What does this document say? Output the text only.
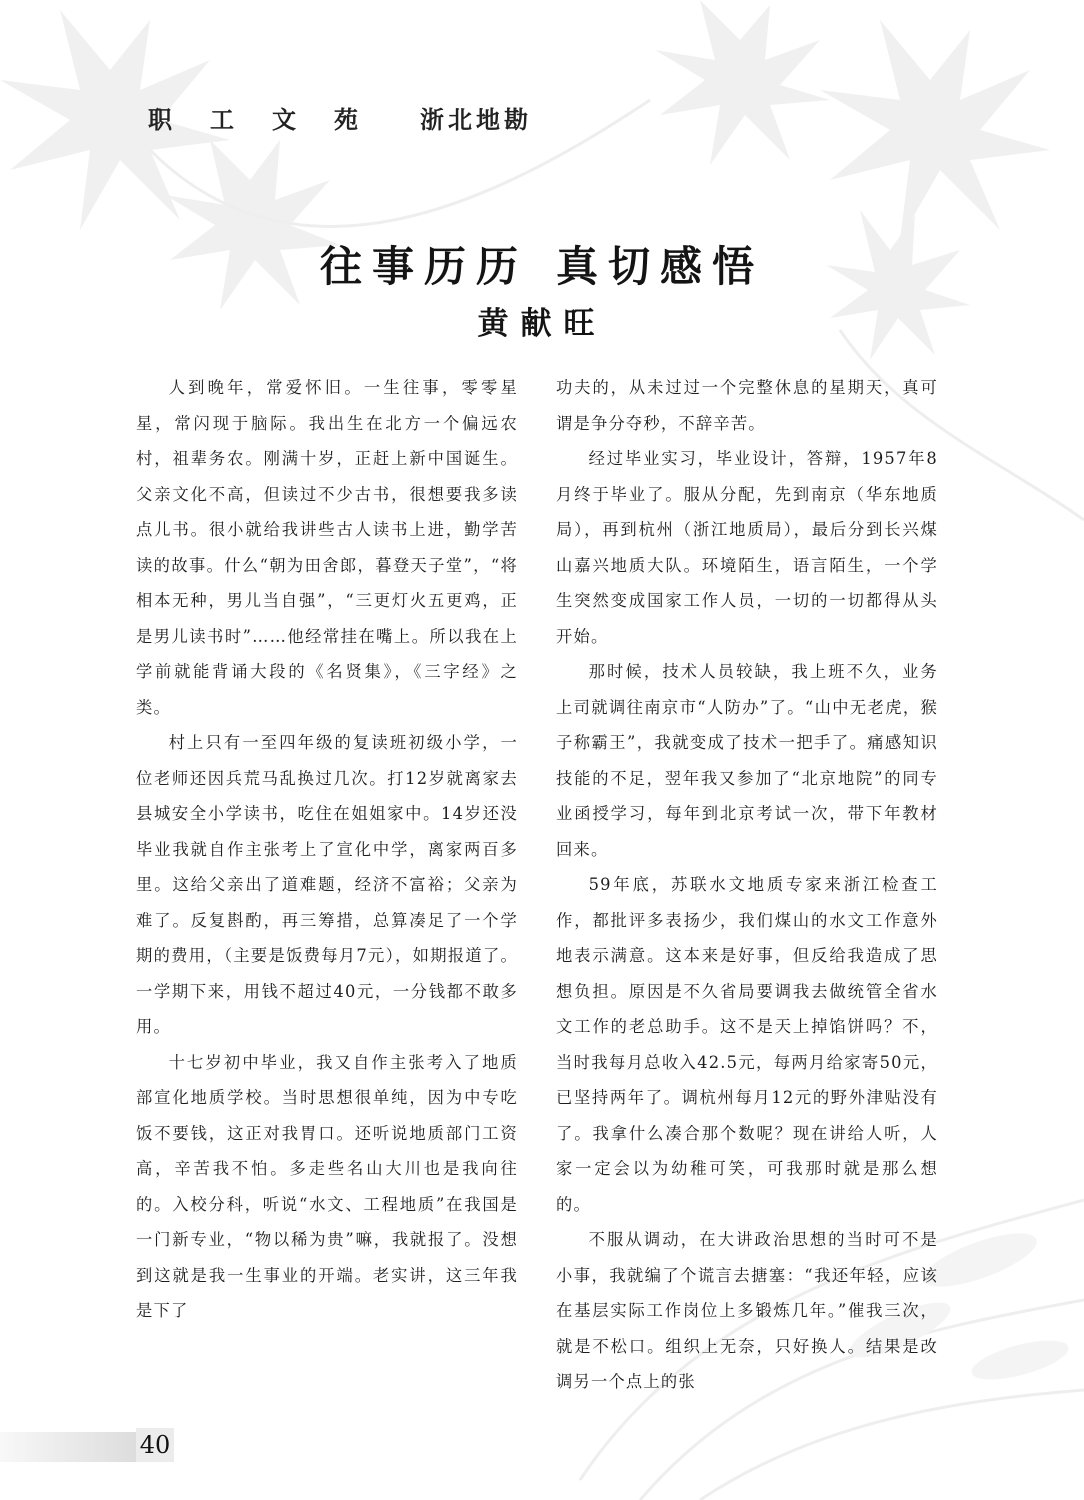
职 工 文 苑	浙北地勘
往事历历 真切感悟
黄献旺

人到晚年，常爱怀旧。一生往事，零零星星，常闪现于脑际。我出生在北方一个偏远农村，祖辈务农。刚满十岁，正赶上新中国诞生。父亲文化不高，但读过不少古书，很想要我多读点儿书。很小就给我讲些古人读书上进，勤学苦读的故事。什么“朝为田舍郎，暮登天子堂”，“将相本无种，男儿当自强”，“三更灯火五更鸡，正是男儿读书时”……他经常挂在嘴上。所以我在上学前就能背诵大段的《名贤集》，《三字经》之类。

村上只有一至四年级的复读班初级小学，一位老师还因兵荒马乱换过几次。打12岁就离家去县城安全小学读书，吃住在姐姐家中。14岁还没毕业我就自作主张考上了宣化中学，离家两百多里。这给父亲出了道难题，经济不富裕；父亲为难了。反复斟酌，再三筹措，总算凑足了一个学期的费用，（主要是饭费每月7元），如期报道了。一学期下来，用钱不超过40元，一分钱都不敢多用。

十七岁初中毕业，我又自作主张考入了地质部宣化地质学校。当时思想很单纯，因为中专吃饭不要钱，这正对我胃口。还听说地质部门工资高，辛苦我不怕。多走些名山大川也是我向往的。入校分科，听说“水文、工程地质”在我国是一门新专业，“物以稀为贵”嘛，我就报了。没想到这就是我一生事业的开端。老实讲，这三年我是下了

功夫的，从未过过一个完整休息的星期天，真可谓是争分夺秒，不辞辛苦。

经过毕业实习，毕业设计，答辩，1957年8月终于毕业了。服从分配，先到南京（华东地质局），再到杭州（浙江地质局），最后分到长兴煤山嘉兴地质大队。环境陌生，语言陌生，一个学生突然变成国家工作人员，一切的一切都得从头开始。

那时候，技术人员较缺，我上班不久，业务上司就调往南京市“人防办”了。“山中无老虎，猴子称霸王”，我就变成了技术一把手了。痛感知识技能的不足，翌年我又参加了“北京地院”的同专业函授学习，每年到北京考试一次，带下年教材回来。

59年底，苏联水文地质专家来浙江检查工作，都批评多表扬少，我们煤山的水文工作意外地表示满意。这本来是好事，但反给我造成了思想负担。原因是不久省局要调我去做统管全省水文工作的老总助手。这不是天上掉馅饼吗？不，当时我每月总收入42.5元，每两月给家寄50元，已坚持两年了。调杭州每月12元的野外津贴没有了。我拿什么凑合那个数呢？现在讲给人听，人家一定会以为幼稚可笑，可我那时就是那么想的。

不服从调动，在大讲政治思想的当时可不是小事，我就编了个谎言去搪塞：“我还年轻，应该在基层实际工作岗位上多锻炼几年。”催我三次，就是不松口。组织上无奈，只好换人。结果是改调另一个点上的张

40
